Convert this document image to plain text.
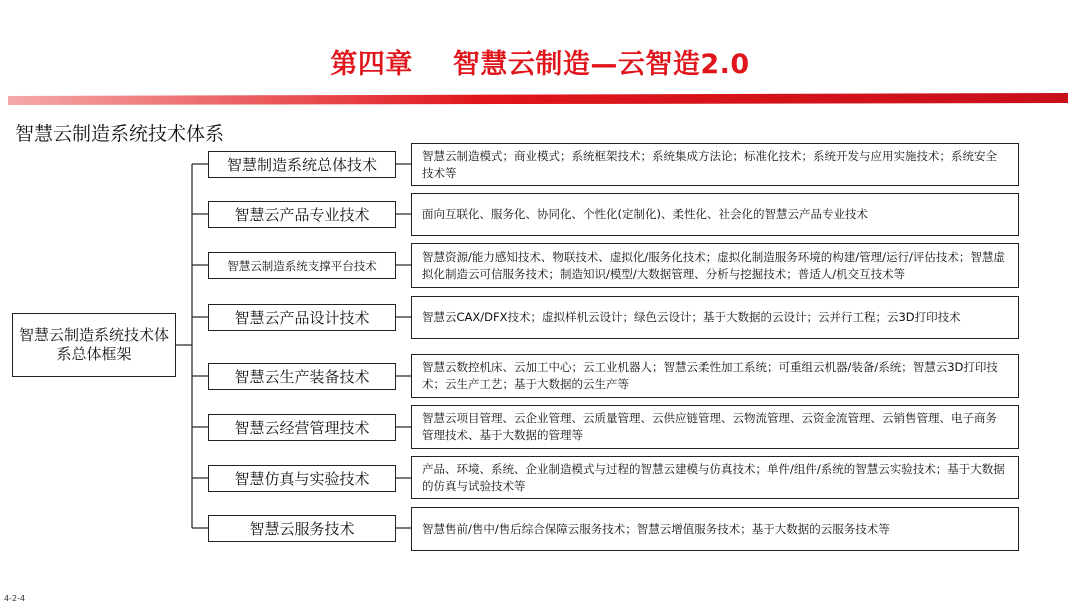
第四章 智慧云制造—云智造2.0
智慧云制造系统技术体系
智慧云制造系统技术体系总体框架
智慧制造系统总体技术
智慧云产品专业技术
智慧云制造系统支撑平台技术
智慧云产品设计技术
智慧云生产装备技术
智慧云经营管理技术
智慧仿真与实验技术
智慧云服务技术
智慧云制造模式；商业模式；系统框架技术；系统集成方法论；标准化技术；系统开发与应用实施技术；系统安全技术等
面向互联化、服务化、协同化、个性化(定制化)、柔性化、社会化的智慧云产品专业技术
智慧资源/能力感知技术、物联技术、虚拟化/服务化技术；虚拟化制造服务环境的构建/管理/运行/评估技术；智慧虚拟化制造云可信服务技术；制造知识/模型/大数据管理、分析与挖掘技术；普适人/机交互技术等
智慧云CAX/DFX技术；虚拟样机云设计；绿色云设计；基于大数据的云设计；云并行工程；云3D打印技术
智慧云数控机床、云加工中心；云工业机器人；智慧云柔性加工系统；可重组云机器/装备/系统；智慧云3D打印技术；云生产工艺；基于大数据的云生产等
智慧云项目管理、云企业管理、云质量管理、云供应链管理、云物流管理、云资金流管理、云销售管理、电子商务管理技术、基于大数据的管理等
产品、环境、系统、企业制造模式与过程的智慧云建模与仿真技术；单件/组件/系统的智慧云实验技术；基于大数据的仿真与试验技术等
智慧售前/售中/售后综合保障云服务技术；智慧云增值服务技术；基于大数据的云服务技术等
4-2-4
